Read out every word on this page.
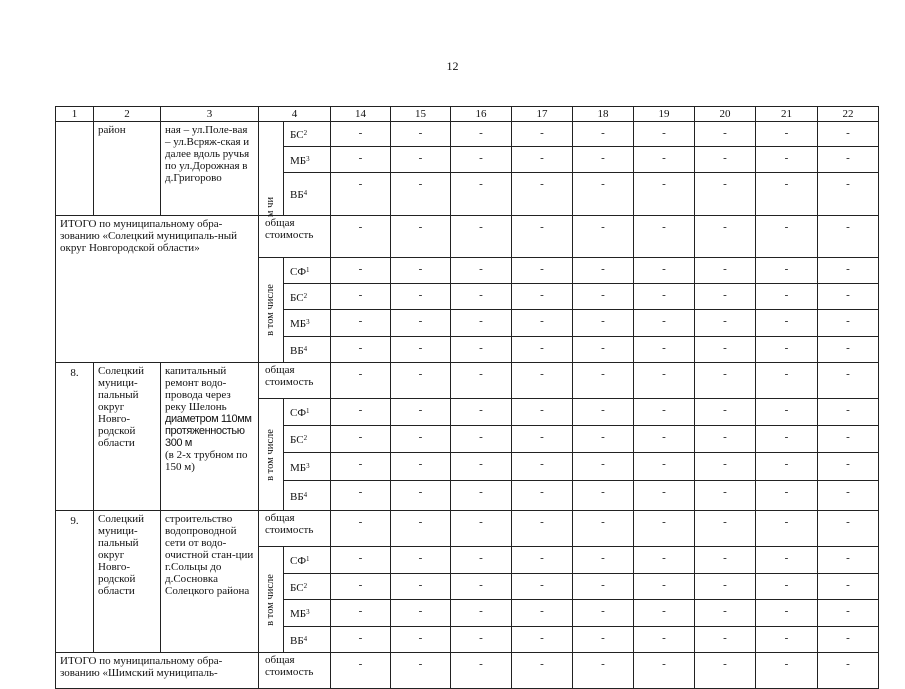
12
1	2	3	4		14	15	16	17	18	19	20	21	22

	район	ная – ул.Поле-вая – ул.Всряж-ская и далее вдоль ручья по ул.Дорожная в д.Григорово	м чи	$БС^2$	-	-	-	-	-	-	-	-	-
				$МБ^3$	-	-	-	-	-	-	-	-	-
				$ВБ^4$	-	-	-	-	-	-	-	-	-

ИТОГО по муниципальному обра-зованию «Солецкий муниципаль-ный округ Новгородской области»			общая стоимость		-	-	-	-	-	-	-	-	-

			в том числе	$СФ^1$	-	-	-	-	-	-	-	-	-
				$БС^2$	-	-	-	-	-	-	-	-	-
				$МБ^3$	-	-	-	-	-	-	-	-	-
				$ВБ^4$	-	-	-	-	-	-	-	-	-
8.	Солецкий муници-пальный округ Новго-родской области	капитальный ремонт водо-провода через реку Шелонь
диаметром 110мм протяженностью 300 м
(в 2-х трубном по 150 м)	общая стоимость		-	-	-	-	-	-	-	-	-

			в том числе	$СФ^1$	-	-	-	-	-	-	-	-	-
				$БС^2$	-	-	-	-	-	-	-	-	-
				$МБ^3$	-	-	-	-	-	-	-	-	-
				$ВБ^4$	-	-	-	-	-	-	-	-	-
9.	Солецкий муници-пальный округ Новго-родской области	строительство водопроводной сети от водо-очистной стан-ции г.Сольцы до д.Сосновка Солецкого района	общая стоимость		-	-	-	-	-	-	-	-	-

			в том числе	$СФ^1$	-	-	-	-	-	-	-	-	-
				$БС^2$	-	-	-	-	-	-	-	-	-
				$МБ^3$	-	-	-	-	-	-	-	-	-
				$ВБ^4$	-	-	-	-	-	-	-	-	-

ИТОГО по муниципальному обра-зованию «Шимский муниципаль-			общая стоимость		-	-	-	-	-	-	-	-	-
